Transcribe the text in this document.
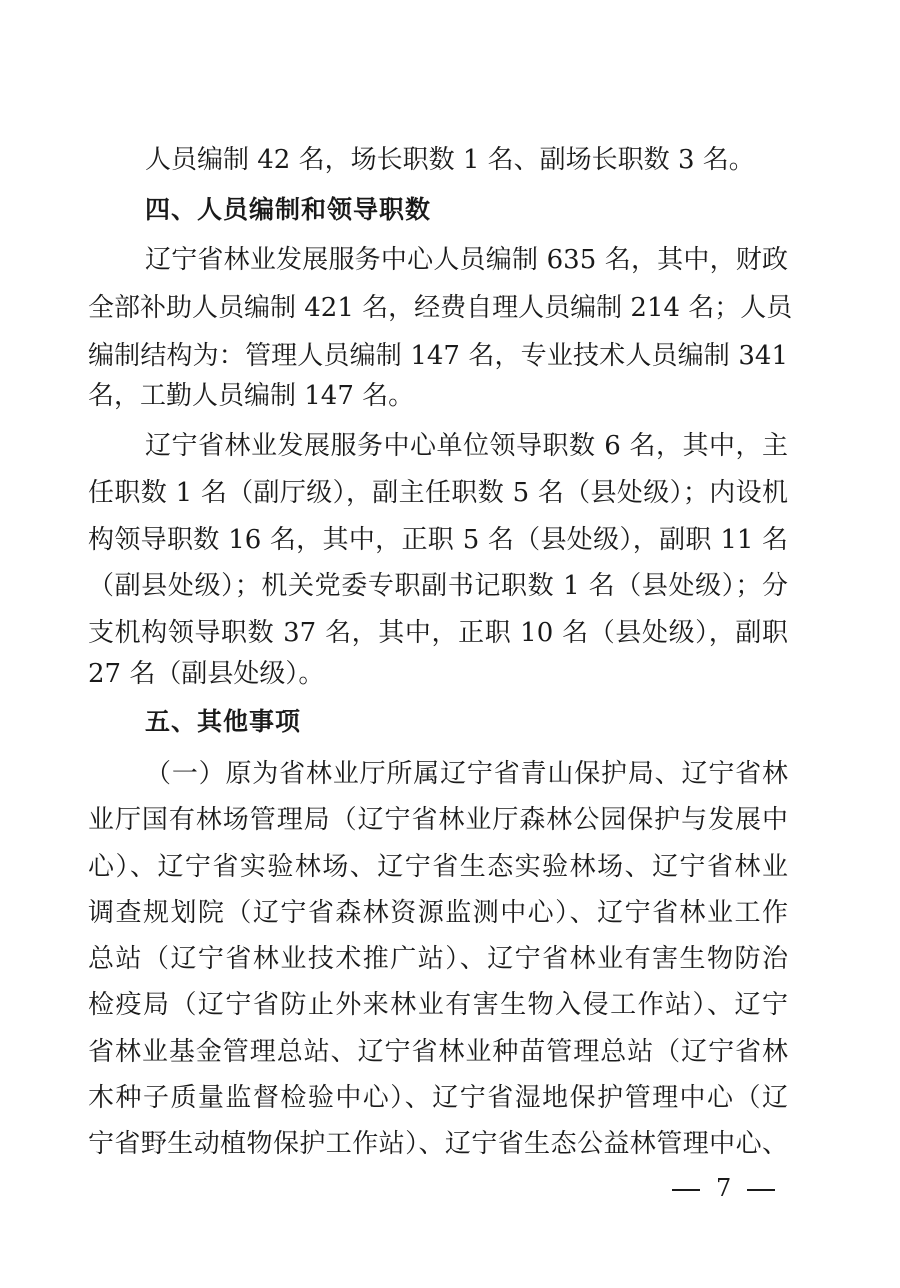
人员编制 42 名，场长职数 1 名、副场长职数 3 名。
四、人员编制和领导职数
辽宁省林业发展服务中心人员编制 635 名，其中，财政
全部补助人员编制 421 名，经费自理人员编制 214 名；人员
编制结构为：管理人员编制 147 名，专业技术人员编制 341
名，工勤人员编制 147 名。
辽宁省林业发展服务中心单位领导职数 6 名，其中，主
任职数 1 名（副厅级），副主任职数 5 名（县处级）；内设机
构领导职数 16 名，其中，正职 5 名（县处级），副职 11 名
（副县处级）；机关党委专职副书记职数 1 名（县处级）；分
支机构领导职数 37 名，其中，正职 10 名（县处级），副职
27 名（副县处级）。
五、其他事项
（一）原为省林业厅所属辽宁省青山保护局、辽宁省林
业厅国有林场管理局（辽宁省林业厅森林公园保护与发展中
心）、辽宁省实验林场、辽宁省生态实验林场、辽宁省林业
调查规划院（辽宁省森林资源监测中心）、辽宁省林业工作
总站（辽宁省林业技术推广站）、辽宁省林业有害生物防治
检疫局（辽宁省防止外来林业有害生物入侵工作站）、辽宁
省林业基金管理总站、辽宁省林业种苗管理总站（辽宁省林
木种子质量监督检验中心）、辽宁省湿地保护管理中心（辽
宁省野生动植物保护工作站）、辽宁省生态公益林管理中心、
7
